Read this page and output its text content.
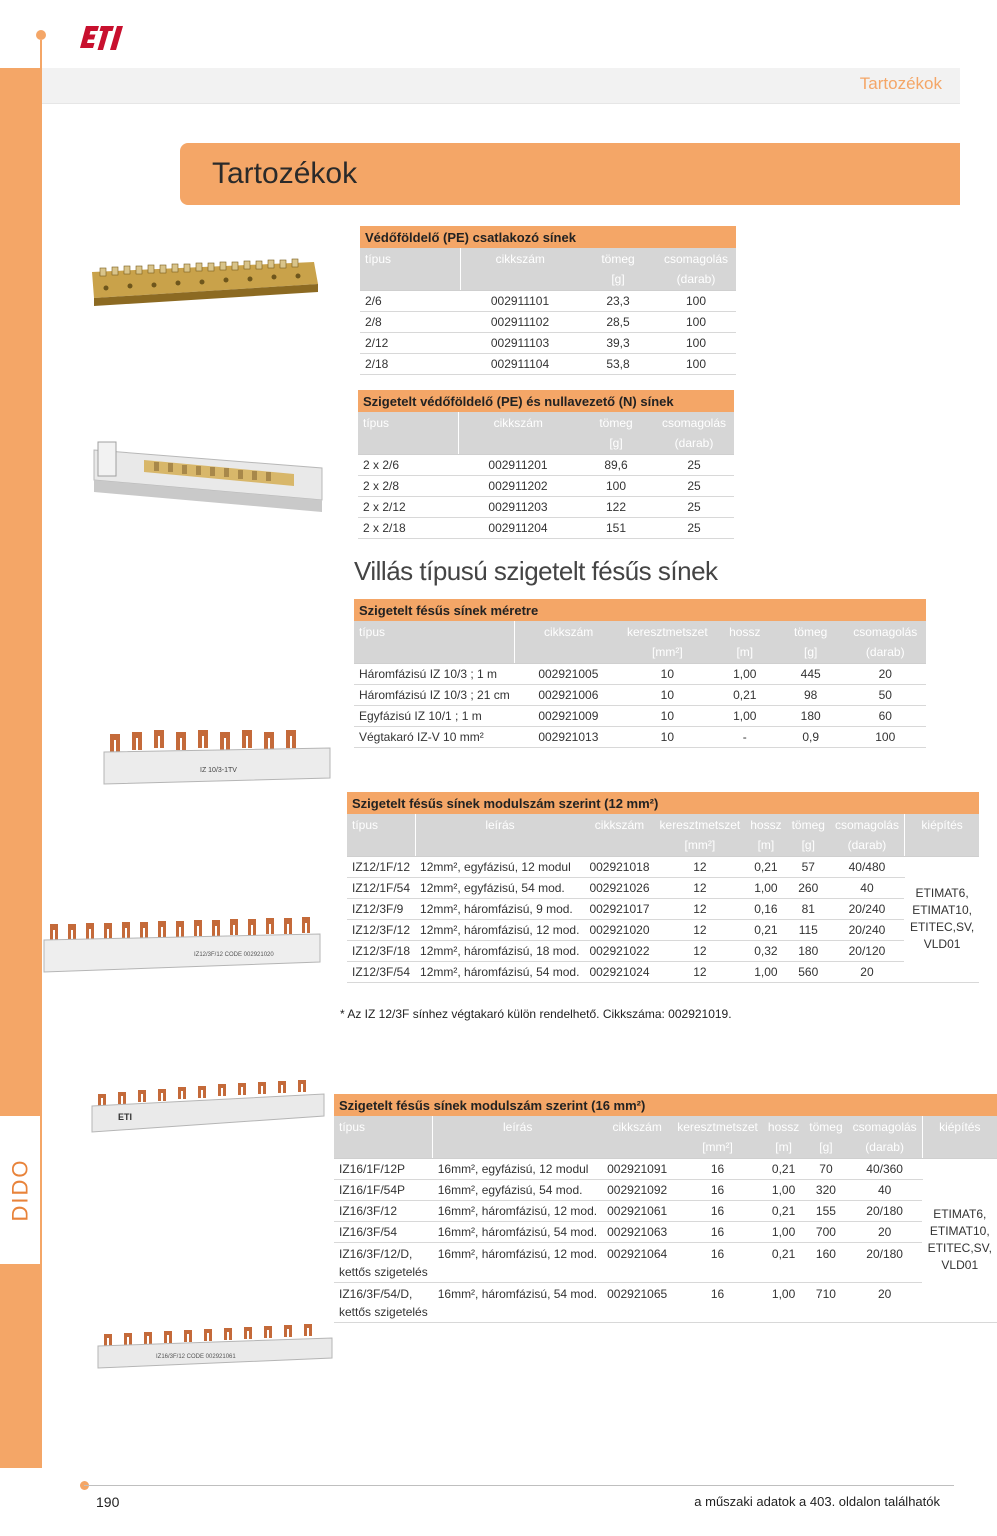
DIDO
Tartozékok
Tartozékok
IZ 10/3-1TV
IZ12/3F/12 CODE 002921020
ETI
IZ16/3F/12 CODE 002921061
Védőföldelő (PE) csatlakozó sínek			
típus	cikkszám	tömeg	csomagolás
		[g]	(darab)
2/6	002911101	23,3	100
2/8	002911102	28,5	100
2/12	002911103	39,3	100
2/18	002911104	53,8	100
Szigetelt védőföldelő (PE) és nullavezető (N) sínek			
típus	cikkszám	tömeg	csomagolás
		[g]	(darab)
2 x 2/6	002911201	89,6	25
2 x 2/8	002911202	100	25
2 x 2/12	002911203	122	25
2 x 2/18	002911204	151	25
Villás típusú szigetelt fésűs sínek
Szigetelt fésűs sínek méretre					
típus	cikkszám	keresztmetszet	hossz	tömeg	csomagolás
		[mm²]	[m]	[g]	(darab)
Háromfázisú IZ 10/3 ; 1 m	002921005	10	1,00	445	20
Háromfázisú IZ 10/3 ; 21 cm	002921006	10	0,21	98	50
Egyfázisú IZ 10/1 ; 1 m	002921009	10	1,00	180	60
Végtakaró IZ-V 10 mm²	002921013	10	-	0,9	100
Szigetelt fésűs sínek modulszám szerint (12 mm²)							
típus	leírás	cikkszám	keresztmetszet	hossz	tömeg	csomagolás	kiépítés
			[mm²]	[m]	[g]	(darab)	
IZ12/1F/12	12mm², egyfázisú, 12 modul	002921018	12	0,21	57	40/480	ETIMAT6,
ETIMAT10,
ETITEC,SV,
VLD01

IZ12/1F/54	12mm², egyfázisú, 54 mod.	002921026	12	1,00	260	40	
IZ12/3F/9	12mm², háromfázisú, 9 mod.	002921017	12	0,16	81	20/240	
IZ12/3F/12	12mm², háromfázisú, 12 mod.	002921020	12	0,21	115	20/240	
IZ12/3F/18	12mm², háromfázisú, 18 mod.	002921022	12	0,32	180	20/120	
IZ12/3F/54	12mm², háromfázisú, 54 mod.	002921024	12	1,00	560	20	
* Az IZ 12/3F sínhez végtakaró külön rendelhető. Cikkszáma: 002921019.
Szigetelt fésűs sínek modulszám szerint (16 mm²)							
típus	leírás	cikkszám	keresztmetszet	hossz	tömeg	csomagolás	kiépítés
			[mm²]	[m]	[g]	(darab)	
IZ16/1F/12P	16mm², egyfázisú, 12 modul	002921091	16	0,21	70	40/360	ETIMAT6,
ETIMAT10,
ETITEC,SV,
VLD01

IZ16/1F/54P	16mm², egyfázisú, 54 mod.	002921092	16	1,00	320	40	
IZ16/3F/12	16mm², háromfázisú, 12 mod.	002921061	16	0,21	155	20/180	
IZ16/3F/54	16mm², háromfázisú, 54 mod.	002921063	16	1,00	700	20	

IZ16/3F/12/D,
kettős szigetelés	16mm², háromfázisú, 12 mod.	002921064	16	0,21	160	20/180	

IZ16/3F/54/D,
kettős szigetelés	16mm², háromfázisú, 54 mod.	002921065	16	1,00	710	20	
190	a műszaki adatok a 403. oldalon találhatók
